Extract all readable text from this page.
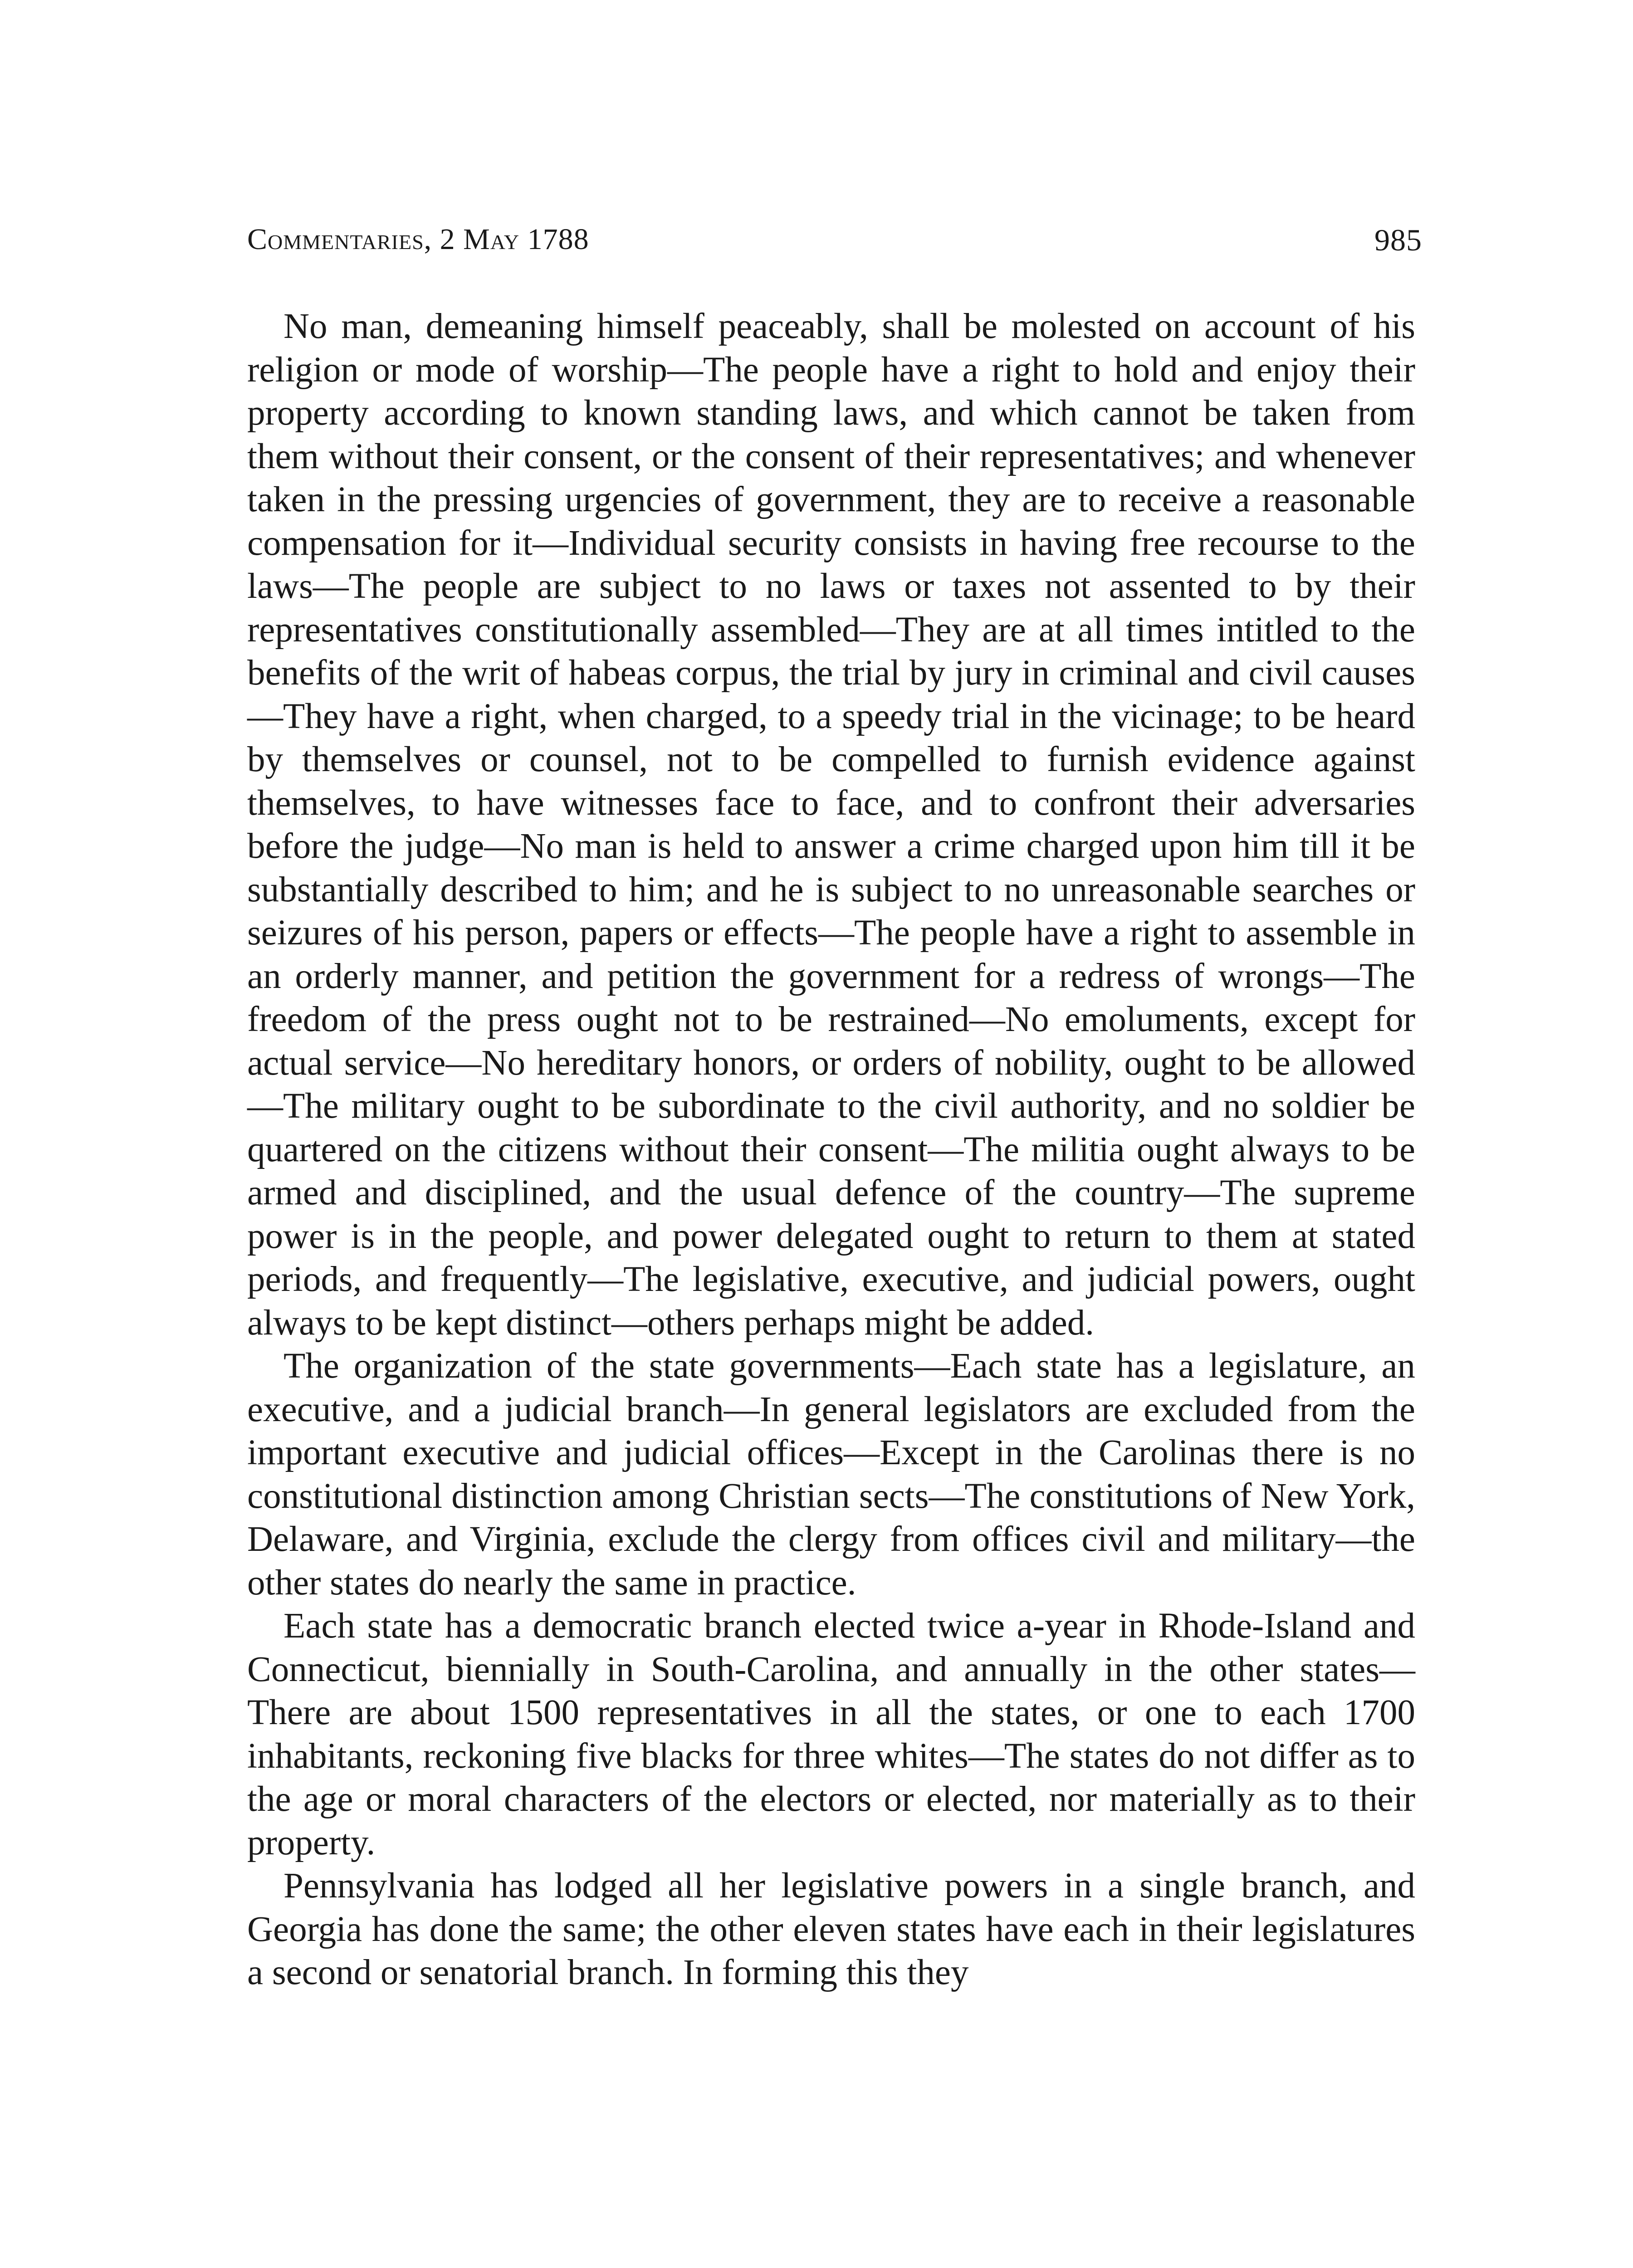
Commentaries, 2 May 1788	985

No man, demeaning himself peaceably, shall be molested on account of his religion or mode of worship—The people have a right to hold and enjoy their property according to known standing laws, and which cannot be taken from them without their consent, or the consent of their representatives; and whenever taken in the pressing urgencies of government, they are to receive a reasonable compensation for it—Individual security consists in having free recourse to the laws—The people are subject to no laws or taxes not assented to by their representatives constitutionally assembled—They are at all times intitled to the benefits of the writ of habeas corpus, the trial by jury in criminal and civil causes—They have a right, when charged, to a speedy trial in the vicinage; to be heard by themselves or counsel, not to be compelled to furnish evidence against themselves, to have witnesses face to face, and to confront their adversaries before the judge—No man is held to answer a crime charged upon him till it be substantially described to him; and he is subject to no unreasonable searches or seizures of his person, papers or effects—The people have a right to assemble in an orderly manner, and petition the government for a redress of wrongs—The freedom of the press ought not to be restrained—No emoluments, except for actual service—No hereditary honors, or orders of nobility, ought to be allowed—The military ought to be subordinate to the civil authority, and no soldier be quartered on the citizens without their consent—The militia ought always to be armed and disciplined, and the usual defence of the country—The supreme power is in the people, and power delegated ought to return to them at stated periods, and frequently—The legislative, executive, and judicial powers, ought always to be kept distinct—others perhaps might be added.

The organization of the state governments—Each state has a legislature, an executive, and a judicial branch—In general legislators are excluded from the important executive and judicial offices—Except in the Carolinas there is no constitutional distinction among Christian sects—The constitutions of New York, Delaware, and Virginia, exclude the clergy from offices civil and military—the other states do nearly the same in practice.

Each state has a democratic branch elected twice a-year in Rhode-Island and Connecticut, biennially in South-Carolina, and annually in the other states—There are about 1500 representatives in all the states, or one to each 1700 inhabitants, reckoning five blacks for three whites—The states do not differ as to the age or moral characters of the electors or elected, nor materially as to their property.

Pennsylvania has lodged all her legislative powers in a single branch, and Georgia has done the same; the other eleven states have each in their legislatures a second or senatorial branch. In forming this they
